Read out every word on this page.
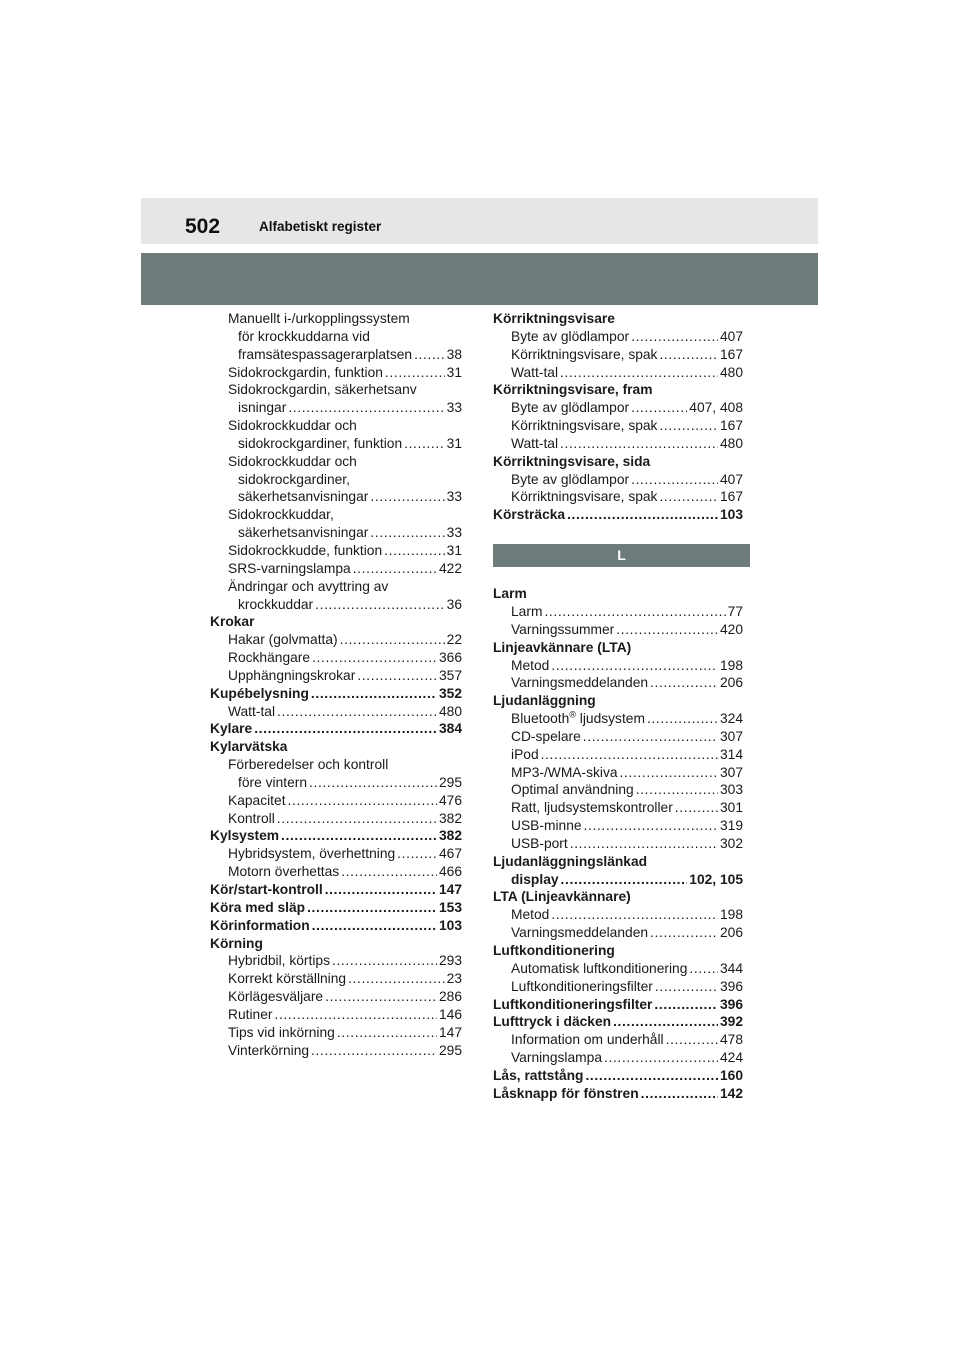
502	Alfabetiskt register
Manuellt i-/urkopplingssystem
för krockkuddarna vid
framsätespassagerarplatsen . . .	38
Sidokrockgardin, funktion . . .	31
Sidokrockgardin, säkerhetsanv
isningar . . .	33
Sidokrockkuddar och
sidokrockgardiner, funktion . . .	31
Sidokrockkuddar och
sidokrockgardiner,
säkerhetsanvisningar . . .	33
Sidokrockkuddar,
säkerhetsanvisningar . . .	33
Sidokrockkudde, funktion . . .	31
SRS-varningslampa . . .	422
Ändringar och avyttring av
krockkuddar . . .	36
Krokar
Hakar (golvmatta) . . .	22
Rockhängare . . .	366
Upphängningskrokar . . .	357
Kupébelysning . . .	352
Watt-tal . . .	480
Kylare . . .	384
Kylarvätska
Förberedelser och kontroll
före vintern . . .	295
Kapacitet . . .	476
Kontroll . . .	382
Kylsystem . . .	382
Hybridsystem, överhettning . . .	467
Motorn överhettas . . .	466
Kör/start-kontroll . . .	147
Köra med släp . . .	153
Körinformation . . .	103
Körning
Hybridbil, körtips . . .	293
Korrekt körställning . . .	23
Körlägesväljare . . .	286
Rutiner . . .	146
Tips vid inkörning . . .	147
Vinterkörning . . .	295
Körriktningsvisare
Byte av glödlampor . . .	407
Körriktningsvisare, spak . . .	167
Watt-tal . . .	480
Körriktningsvisare, fram
Byte av glödlampor . . .	407, 408
Körriktningsvisare, spak . . .	167
Watt-tal . . .	480
Körriktningsvisare, sida
Byte av glödlampor . . .	407
Körriktningsvisare, spak . . .	167
Körsträcka . . .	103
L
Larm
Larm . . .	77
Varningssummer . . .	420
Linjeavkännare (LTA)
Metod . . .	198
Varningsmeddelanden . . .	206
Ljudanläggning
Bluetooth® ljudsystem . . .	324
CD-spelare . . .	307
iPod . . .	314
MP3-/WMA-skiva . . .	307
Optimal användning . . .	303
Ratt, ljudsystemskontroller . . .	301
USB-minne . . .	319
USB-port . . .	302
Ljudanläggningslänkad
display . . .	102, 105
LTA (Linjeavkännare)
Metod . . .	198
Varningsmeddelanden . . .	206
Luftkonditionering
Automatisk luftkonditionering . . . 344
Luftkonditioneringsfilter . . .	396
Luftkonditioneringsfilter . . .	396
Lufttryck i däcken . . .	392
Information om underhåll . . .	478
Varningslampa . . .	424
Lås, rattstång . . .	160
Låsknapp för fönstren . . .	142
